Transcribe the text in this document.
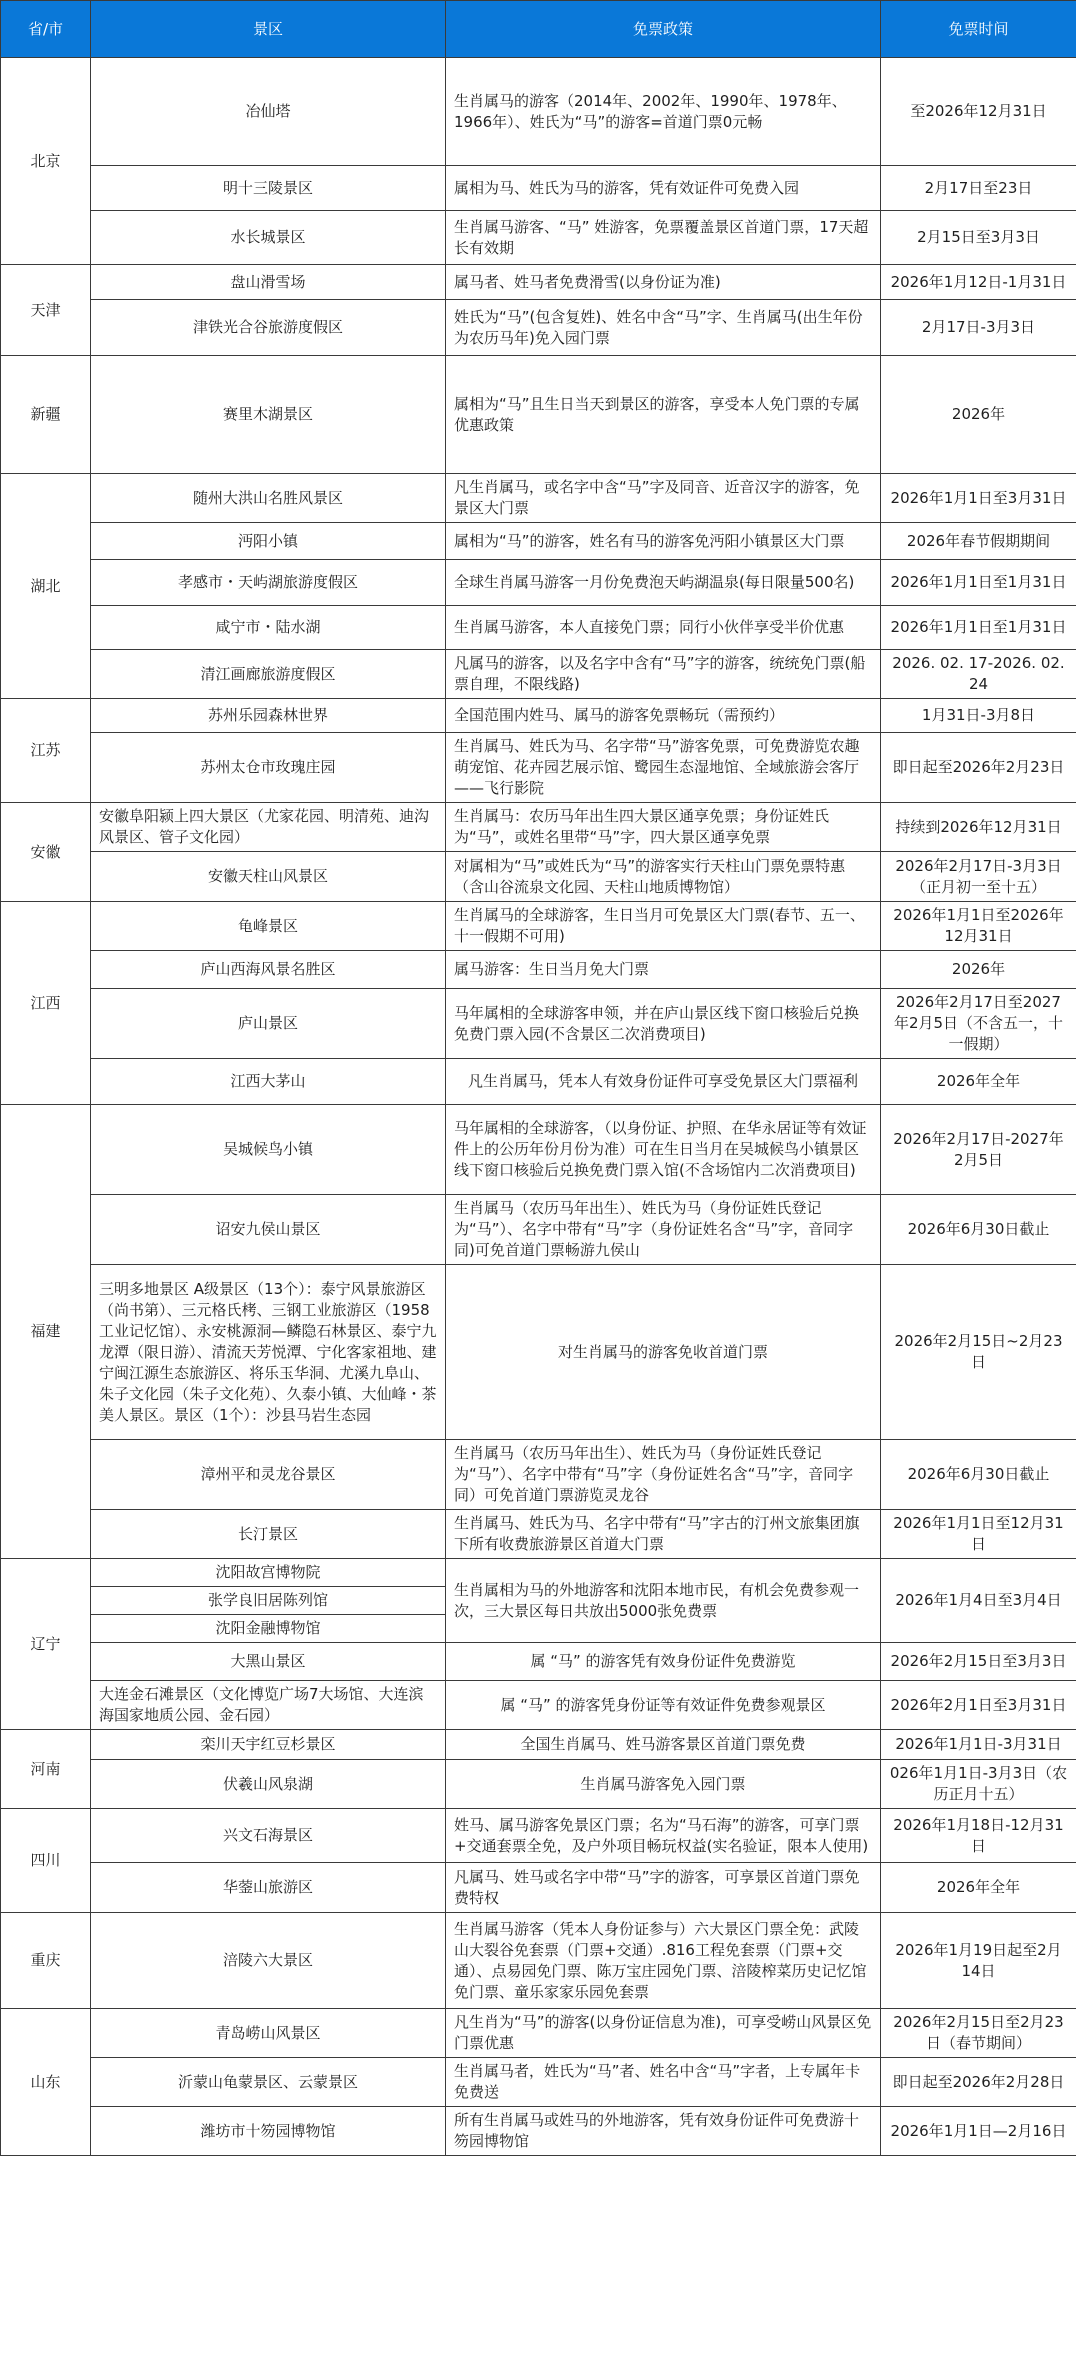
省/市	景区	免票政策	免票时间
北京	冶仙塔	生肖属马的游客（2014年、2002年、1990年、1978年、1966年）、姓氏为“马”的游客=首道门票0元畅	至2026年12月31日
	明十三陵景区	属相为马、姓氏为马的游客，凭有效证件可免费入园	2月17日至23日
	水长城景区	生肖属马游客、“马” 姓游客，免票覆盖景区首道门票，17天超长有效期	2月15日至3月3日
天津	盘山滑雪场	属马者、姓马者免费滑雪(以身份证为准)	2026年1月12日-1月31日
	津铁光合谷旅游度假区	姓氏为“马”(包含复姓)、姓名中含“马”字、生肖属马(出生年份为农历马年)免入园门票	2月17日-3月3日
新疆	赛里木湖景区	属相为“马”且生日当天到景区的游客，享受本人免门票的专属优惠政策	2026年
湖北	随州大洪山名胜风景区	凡生肖属马，或名字中含“马”字及同音、近音汉字的游客，免景区大门票	2026年1月1日至3月31日
	沔阳小镇	属相为“马”的游客，姓名有马的游客免沔阳小镇景区大门票	2026年春节假期期间
	孝感市・天屿湖旅游度假区	全球生肖属马游客一月份免费泡天屿湖温泉(每日限量500名)	2026年1月1日至1月31日
	咸宁市・陆水湖	生肖属马游客，本人直接免门票；同行小伙伴享受半价优惠	2026年1月1日至1月31日
	清江画廊旅游度假区	凡属马的游客，以及名字中含有“马”字的游客，统统免门票(船票自理，不限线路)	2026. 02. 17-2026. 02. 24
江苏	苏州乐园森林世界	全国范围内姓马、属马的游客免票畅玩（需预约）	1月31日-3月8日
	苏州太仓市玫瑰庄园	生肖属马、姓氏为马、名字带“马”游客免票，可免费游览农趣萌宠馆、花卉园艺展示馆、鹭园生态湿地馆、全域旅游会客厅——飞行影院	即日起至2026年2月23日
安徽	安徽阜阳颍上四大景区（尤家花园、明清苑、迪沟风景区、管子文化园）	生肖属马：农历马年出生四大景区通享免票；身份证姓氏为“马”，或姓名里带“马”字，四大景区通享免票	持续到2026年12月31日
	安徽天柱山风景区	对属相为“马”或姓氏为“马”的游客实行天柱山门票免票特惠（含山谷流泉文化园、天柱山地质博物馆）	2026年2月17日-3月3日（正月初一至十五）
江西	龟峰景区	生肖属马的全球游客，生日当月可免景区大门票(春节、五一、十一假期不可用)	2026年1月1日至2026年12月31日
	庐山西海风景名胜区	属马游客：生日当月免大门票	2026年
	庐山景区	马年属相的全球游客申领，并在庐山景区线下窗口核验后兑换免费门票入园(不含景区二次消费项目)	2026年2月17日至2027年2月5日（不含五一，十一假期）
	江西大茅山	凡生肖属马，凭本人有效身份证件可享受免景区大门票福利	2026年全年
福建	吴城候鸟小镇	马年属相的全球游客，（以身份证、护照、在华永居证等有效证件上的公历年份月份为准）可在生日当月在吴城候鸟小镇景区线下窗口核验后兑换免费门票入馆(不含场馆内二次消费项目)	2026年2月17日-2027年2月5日
	诏安九侯山景区	生肖属马（农历马年出生）、姓氏为马（身份证姓氏登记为“马”）、名字中带有“马”字（身份证姓名含“马”字，音同字同)可免首道门票畅游九侯山	2026年6月30日截止
	三明多地景区 A级景区（13个）：泰宁风景旅游区（尚书第）、三元格氏栲、三钢工业旅游区（1958工业记忆馆）、永安桃源洞—鳞隐石林景区、泰宁九龙潭（限日游）、清流天芳悦潭、宁化客家祖地、建宁闽江源生态旅游区、将乐玉华洞、尤溪九阜山、朱子文化园（朱子文化苑）、久泰小镇、大仙峰・茶美人景区。景区（1个）：沙县马岩生态园	对生肖属马的游客免收首道门票	2026年2月15日~2月23日
	漳州平和灵龙谷景区	生肖属马（农历马年出生）、姓氏为马（身份证姓氏登记为“马”）、名字中带有“马”字（身份证姓名含“马”字，音同字同）可免首道门票游览灵龙谷	2026年6月30日截止
	长汀景区	生肖属马、姓氏为马、名字中带有“马”字古的汀州文旅集团旗下所有收费旅游景区首道大门票	2026年1月1日至12月31日
辽宁	沈阳故宫博物院	生肖属相为马的外地游客和沈阳本地市民，有机会免费参观一次，三大景区每日共放出5000张免费票	2026年1月4日至3月4日
	张学良旧居陈列馆		
	沈阳金融博物馆		
	大黑山景区	属 “马” 的游客凭有效身份证件免费游览	2026年2月15日至3月3日
	大连金石滩景区（文化博览广场7大场馆、大连滨海国家地质公园、金石园）	属 “马” 的游客凭身份证等有效证件免费参观景区	2026年2月1日至3月31日
河南	栾川天宇红豆杉景区	全国生肖属马、姓马游客景区首道门票免费	2026年1月1日-3月31日
	伏羲山风泉湖	生肖属马游客免入园门票	026年1月1日-3月3日（农历正月十五）
四川	兴文石海景区	姓马、属马游客免景区门票；名为“马石海”的游客，可享门票+交通套票全免，及户外项目畅玩权益(实名验证，限本人使用)	2026年1月18日-12月31日
	华蓥山旅游区	凡属马、姓马或名字中带“马”字的游客，可享景区首道门票免费特权	2026年全年
重庆	涪陵六大景区	生肖属马游客（凭本人身份证参与）六大景区门票全免：武陵山大裂谷免套票（门票+交通）.816工程免套票（门票+交通）、点易园免门票、陈万宝庄园免门票、涪陵榨菜历史记忆馆免门票、童乐家家乐园免套票	2026年1月19日起至2月14日
山东	青岛崂山风景区	凡生肖为“马”的游客(以身份证信息为准)，可享受崂山风景区免门票优惠	2026年2月15日至2月23日（春节期间）
	沂蒙山龟蒙景区、云蒙景区	生肖属马者，姓氏为“马”者、姓名中含“马”字者，上专属年卡免费送	即日起至2026年2月28日
	潍坊市十笏园博物馆	所有生肖属马或姓马的外地游客，凭有效身份证件可免费游十笏园博物馆	2026年1月1日—2月16日
